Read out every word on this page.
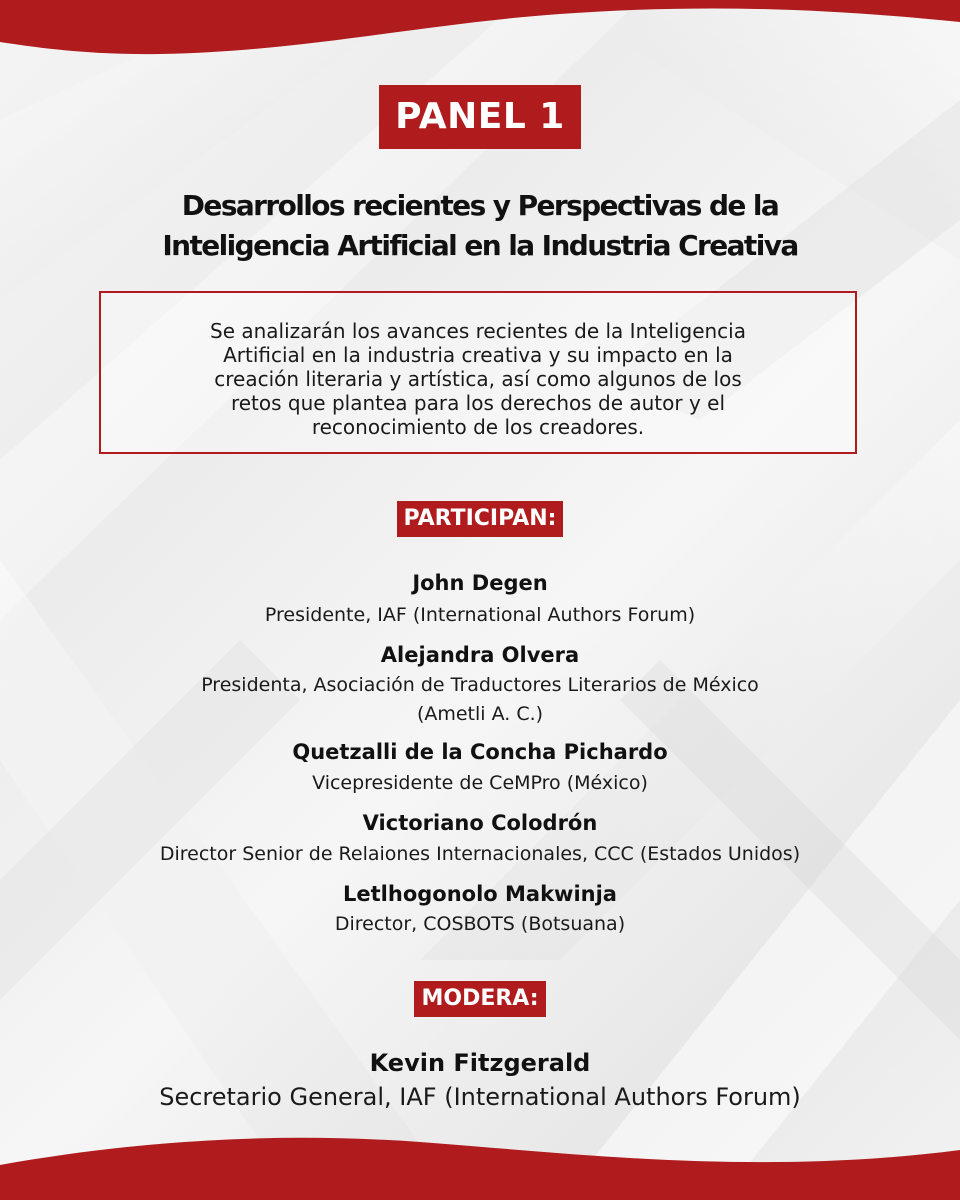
PANEL 1
Desarrollos recientes y Perspectivas de la
Inteligencia Artificial en la Industria Creativa
Se analizarán los avances recientes de la Inteligencia
Artificial en la industria creativa y su impacto en la
creación literaria y artística, así como algunos de los
retos que plantea para los derechos de autor y el
reconocimiento de los creadores.
PARTICIPAN:
John Degen
Presidente, IAF (International Authors Forum)
Alejandra Olvera
Presidenta, Asociación de Traductores Literarios de México
(Ametli A. C.)
Quetzalli de la Concha Pichardo
Vicepresidente de CeMPro (México)
Victoriano Colodrón
Director Senior de Relaiones Internacionales, CCC (Estados Unidos)
Letlhogonolo Makwinja
Director, COSBOTS (Botsuana)
MODERA:
Kevin Fitzgerald
Secretario General, IAF (International Authors Forum)
